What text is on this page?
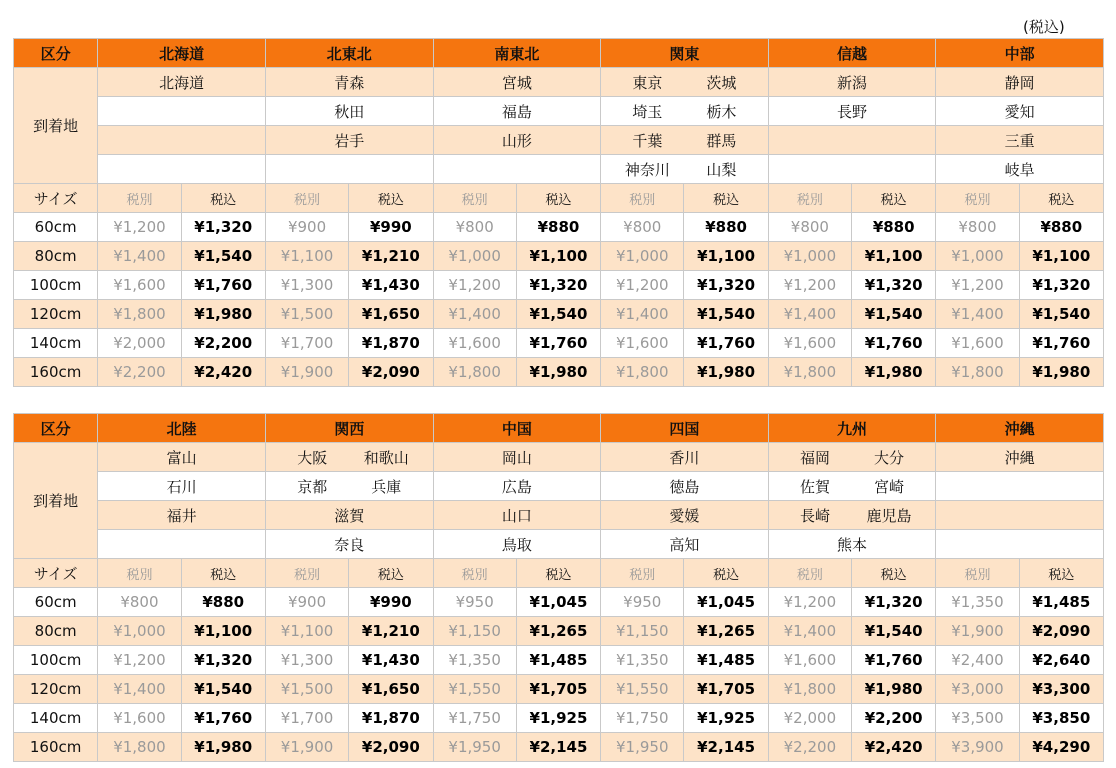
(税込)
区分	北海道		北東北		南東北		関東		信越		中部	
到着地	北海道		青森		宮城		東京 茨城		新潟		静岡	
			秋田		福島		埼玉 栃木		長野		愛知	
			岩手		山形		千葉 群馬				三重	

							神奈川 山梨				岐阜	
サイズ	税別	税込	税別	税込	税別	税込	税別	税込	税別	税込	税別	税込
60cm	¥1,200	¥1,320	¥900	¥990	¥800	¥880	¥800	¥880	¥800	¥880	¥800	¥880
80cm	¥1,400	¥1,540	¥1,100	¥1,210	¥1,000	¥1,100	¥1,000	¥1,100	¥1,000	¥1,100	¥1,000	¥1,100
100cm	¥1,600	¥1,760	¥1,300	¥1,430	¥1,200	¥1,320	¥1,200	¥1,320	¥1,200	¥1,320	¥1,200	¥1,320
120cm	¥1,800	¥1,980	¥1,500	¥1,650	¥1,400	¥1,540	¥1,400	¥1,540	¥1,400	¥1,540	¥1,400	¥1,540
140cm	¥2,000	¥2,200	¥1,700	¥1,870	¥1,600	¥1,760	¥1,600	¥1,760	¥1,600	¥1,760	¥1,600	¥1,760
160cm	¥2,200	¥2,420	¥1,900	¥2,090	¥1,800	¥1,980	¥1,800	¥1,980	¥1,800	¥1,980	¥1,800	¥1,980
区分	北陸		関西		中国		四国		九州		沖縄	
到着地	富山		大阪 和歌山		岡山		香川		福岡 大分		沖縄	
	石川		京都 兵庫		広島		徳島		佐賀 宮崎			

	福井		滋賀		山口		愛媛		長崎 鹿児島			

			奈良		鳥取		高知		熊本			
サイズ	税別	税込	税別	税込	税別	税込	税別	税込	税別	税込	税別	税込
60cm	¥800	¥880	¥900	¥990	¥950	¥1,045	¥950	¥1,045	¥1,200	¥1,320	¥1,350	¥1,485
80cm	¥1,000	¥1,100	¥1,100	¥1,210	¥1,150	¥1,265	¥1,150	¥1,265	¥1,400	¥1,540	¥1,900	¥2,090
100cm	¥1,200	¥1,320	¥1,300	¥1,430	¥1,350	¥1,485	¥1,350	¥1,485	¥1,600	¥1,760	¥2,400	¥2,640
120cm	¥1,400	¥1,540	¥1,500	¥1,650	¥1,550	¥1,705	¥1,550	¥1,705	¥1,800	¥1,980	¥3,000	¥3,300
140cm	¥1,600	¥1,760	¥1,700	¥1,870	¥1,750	¥1,925	¥1,750	¥1,925	¥2,000	¥2,200	¥3,500	¥3,850
160cm	¥1,800	¥1,980	¥1,900	¥2,090	¥1,950	¥2,145	¥1,950	¥2,145	¥2,200	¥2,420	¥3,900	¥4,290
